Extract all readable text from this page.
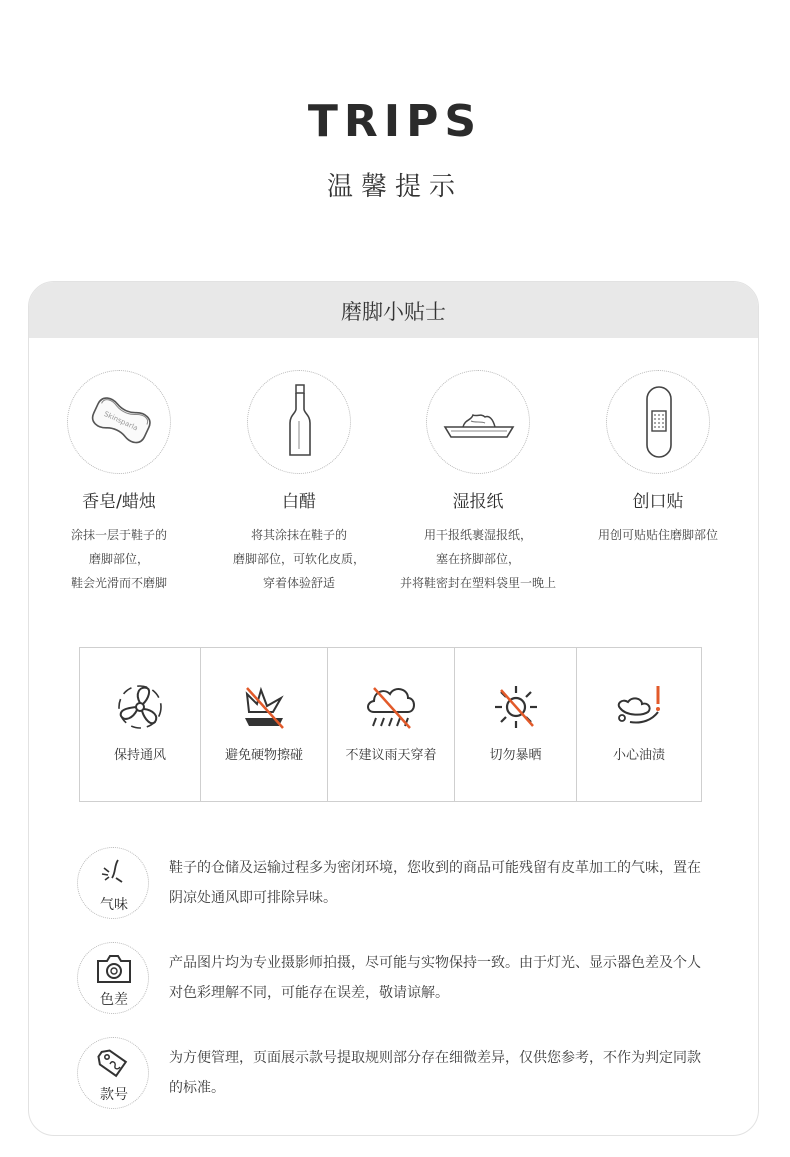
TRIPS
温馨提示
磨脚小贴士
Skinsparla
香皂/蜡烛
涂抹一层于鞋子的
磨脚部位，
鞋会光滑而不磨脚
白醋
将其涂抹在鞋子的
磨脚部位，可软化皮质，
穿着体验舒适
湿报纸
用干报纸裹湿报纸，
塞在挤脚部位，
并将鞋密封在塑料袋里一晚上
创口贴
用创可贴贴住磨脚部位
保持通风	避免硬物擦碰	不建议雨天穿着	切勿暴晒	小心油渍
气味
鞋子的仓储及运输过程多为密闭环境，您收到的商品可能残留有皮革加工的气味，置在阴凉处通风即可排除异味。
色差
产品图片均为专业摄影师拍摄，尽可能与实物保持一致。由于灯光、显示器色差及个人对色彩理解不同，可能存在误差，敬请谅解。
款号
为方便管理，页面展示款号提取规则部分存在细微差异，仅供您参考，不作为判定同款的标准。
